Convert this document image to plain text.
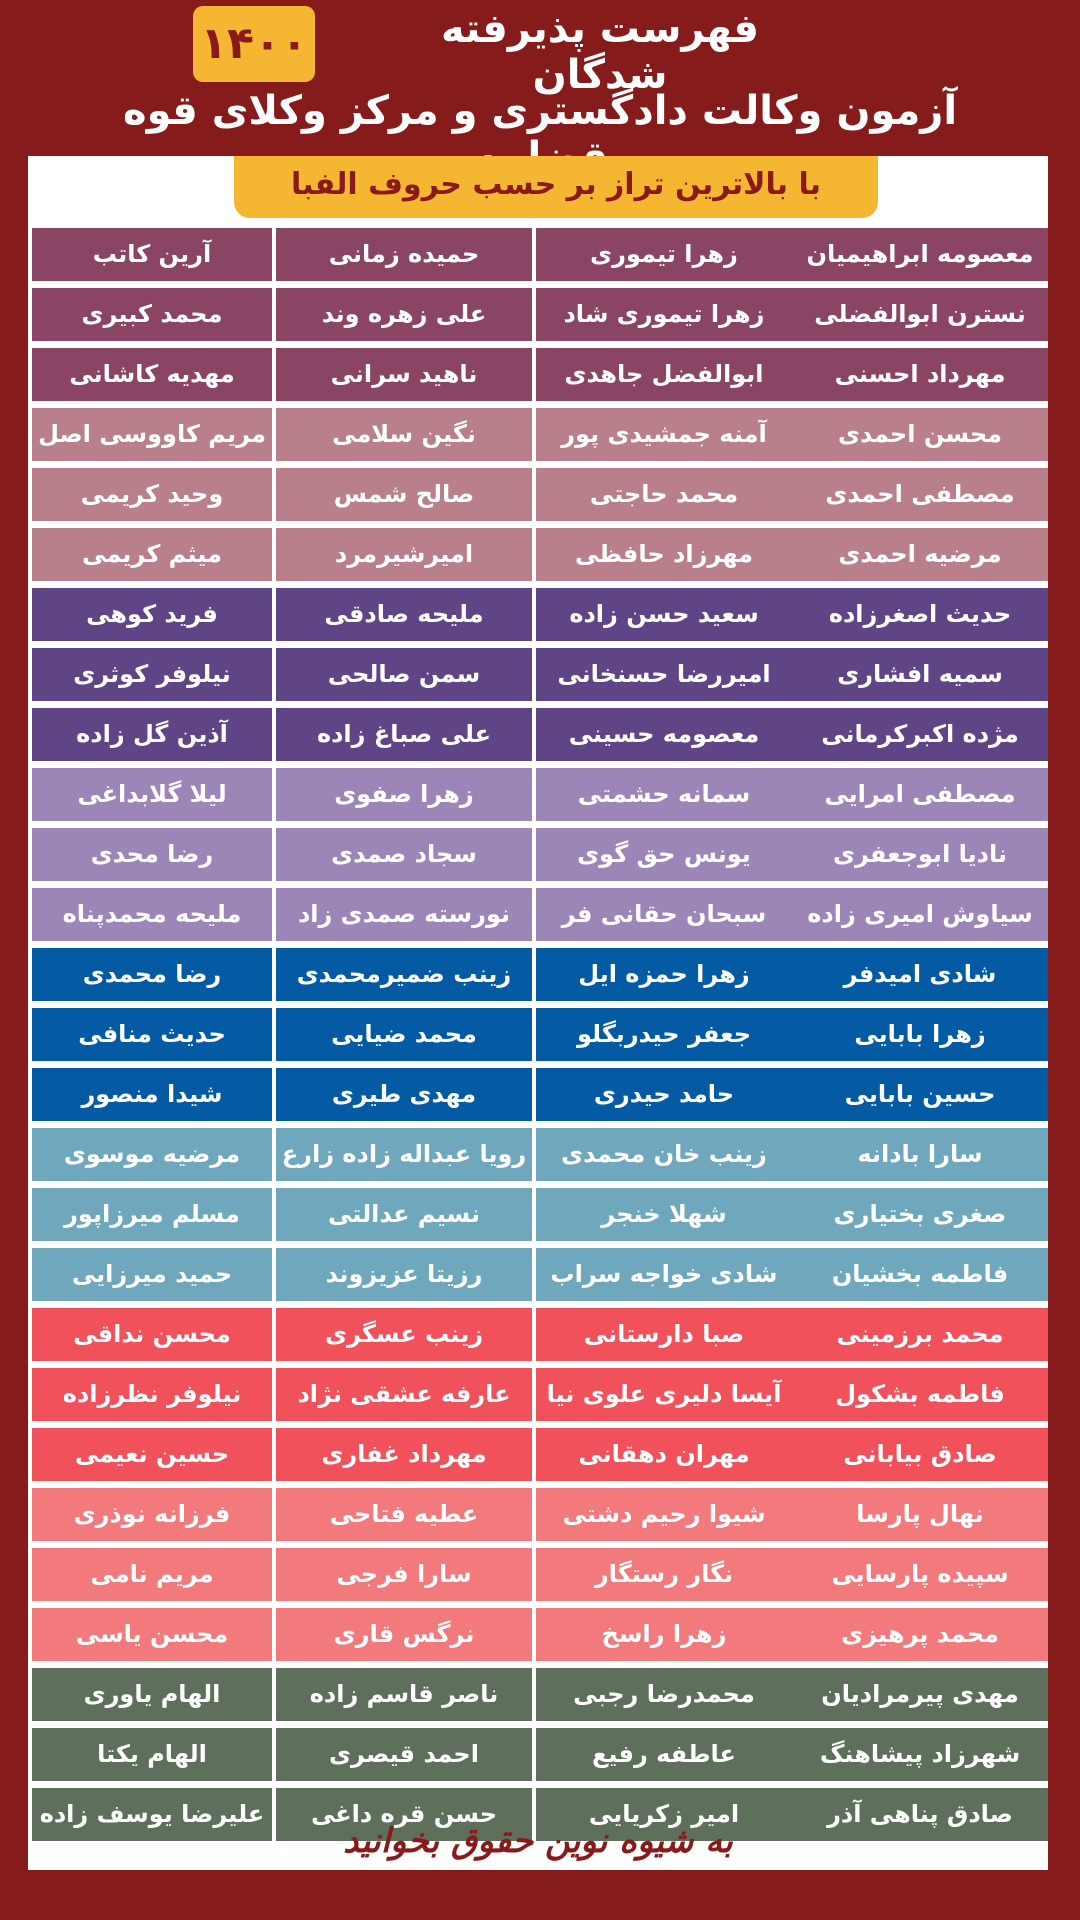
فهرست پذیرفته شدگان
۱۴۰۰
آزمون وکالت دادگستری و مرکز وکلای قوه
با بالاترین تراز بر حسب حروف الفبا
معصومه ابراهیمیان
زهرا تیموری
حمیده زمانی
آرین کاتب
نسترن ابوالفضلی
زهرا تیموری شاد
علی زهره وند
محمد کبیری
مهرداد احسنی
ابوالفضل جاهدی
ناهید سرانی
مهدیه کاشانی
محسن احمدی
آمنه جمشیدی پور
نگین سلامی
مریم کاووسی اصل
مصطفی احمدی
محمد حاجتی
صالح شمس
وحید کریمی
مرضیه احمدی
مهرزاد حافظی
امیرشیرمرد
میثم کریمی
حدیث اصغرزاده
سعید حسن زاده
ملیحه صادقی
فرید کوهی
سمیه افشاری
امیررضا حسنخانی
سمن صالحی
نیلوفر کوثری
مژده اکبرکرمانی
معصومه حسینی
علی صباغ زاده
آذین گل زاده
مصطفی امرایی
سمانه حشمتی
زهرا صفوی
لیلا گلابداغی
نادیا ابوجعفری
یونس حق گوی
سجاد صمدی
رضا محدی
سیاوش امیری زاده
سبحان حقانی فر
نورسته صمدی زاد
ملیحه محمدپناه
شادی امیدفر
زهرا حمزه ایل
زینب ضمیرمحمدی
رضا محمدی
زهرا بابایی
جعفر حیدربگلو
محمد ضیایی
حدیث منافی
حسین بابایی
حامد حیدری
مهدی طیری
شیدا منصور
سارا بادانه
زینب خان محمدی
رویا عبداله زاده زارع
مرضیه موسوی
صغری بختیاری
شهلا خنجر
نسیم عدالتی
مسلم میرزاپور
فاطمه بخشیان
شادی خواجه سراب
رزیتا عزیزوند
حمید میرزایی
محمد برزمینی
صبا دارستانی
زینب عسگری
محسن نداقی
فاطمه بشکول
آیسا دلیری علوی نیا
عارفه عشقی نژاد
نیلوفر نظرزاده
صادق بیابانی
مهران دهقانی
مهرداد غفاری
حسین نعیمی
نهال پارسا
شیوا رحیم دشتی
عطیه فتاحی
فرزانه نوذری
سپیده پارسایی
نگار رستگار
سارا فرجی
مریم نامی
محمد پرهیزی
زهرا راسخ
نرگس قاری
محسن یاسی
مهدی پیرمرادیان
محمدرضا رجبی
ناصر قاسم زاده
الهام یاوری
شهرزاد پیشاهنگ
عاطفه رفیع
احمد قیصری
الهام یکتا
صادق پناهی آذر
امیر زکریایی
حسن قره داغی
علیرضا یوسف زاده
به شیوه نوین حقوق بخوانید
